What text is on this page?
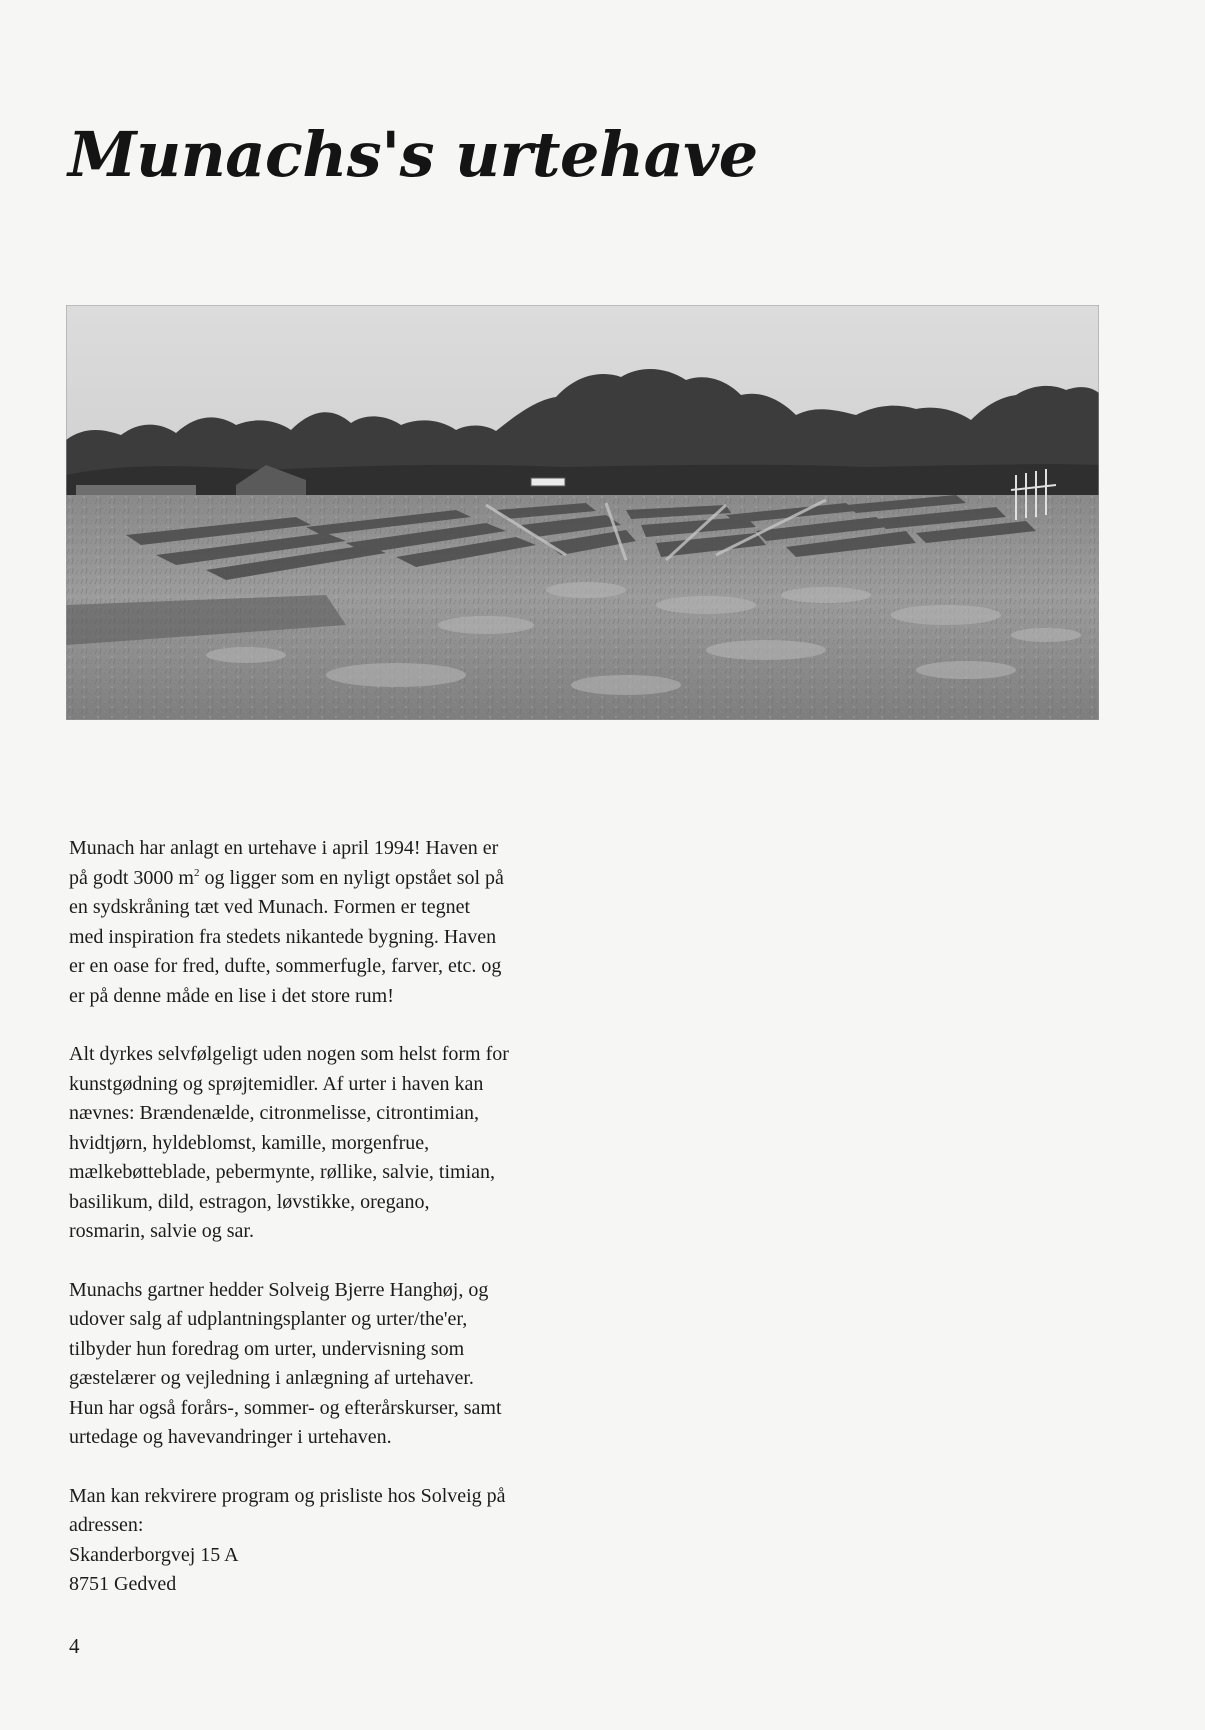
Munachs's urtehave

Munach har anlagt en urtehave i april 1994! Haven er
på godt 3000 $m^2$ og ligger som en nyligt opstået sol på
en sydskråning tæt ved Munach. Formen er tegnet
med inspiration fra stedets nikantede bygning. Haven
er en oase for fred, dufte, sommerfugle, farver, etc. og
er på denne måde en lise i det store rum!

Alt dyrkes selvfølgeligt uden nogen som helst form for
kunstgødning og sprøjtemidler. Af urter i haven kan
nævnes: Brændenælde, citronmelisse, citrontimian,
hvidtjørn, hyldeblomst, kamille, morgenfrue,
mælkebøtteblade, pebermynte, røllike, salvie, timian,
basilikum, dild, estragon, løvstikke, oregano,
rosmarin, salvie og sar.

Munachs gartner hedder Solveig Bjerre Hanghøj, og
udover salg af udplantningsplanter og urter/the'er,
tilbyder hun foredrag om urter, undervisning som
gæstelærer og vejledning i anlægning af urtehaver.
Hun har også forårs-, sommer- og efterårskurser, samt
urtedage og havevandringer i urtehaven.

Man kan rekvirere program og prisliste hos Solveig på
adressen:
Skanderborgvej 15 A
8751 Gedved

4
